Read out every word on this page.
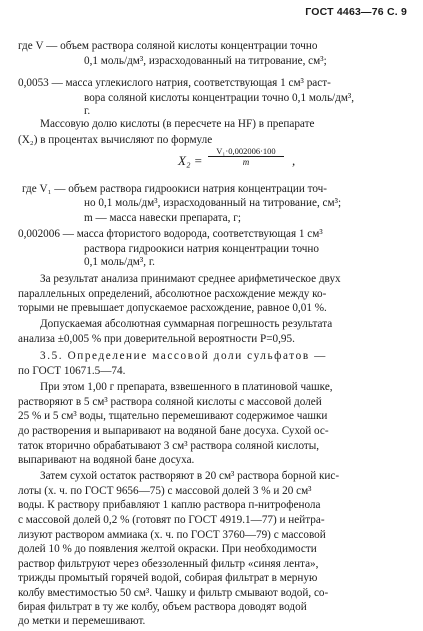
ГОСТ 4463—76 С. 9
где V — объем раствора соляной кислоты концентрации точно
0,1 моль/дм³, израсходованный на титрование, см³;
0,0053 — масса углекислого натрия, соответствующая 1 см³ раст-
вора соляной кислоты концентрации точно 0,1 моль/дм³,
г.
Массовую долю кислоты (в пересчете на HF) в препарате
(X₂) в процентах вычисляют по формуле
$X_2 = \frac{\text{V₁·0,002006·100}}{m}$ ,
где V₁ — объем раствора гидроокиси натрия концентрации точ-
но 0,1 моль/дм³, израсходованный на титрование, см³;
m — масса навески препарата, г;
0,002006 — масса фтористого водорода, соответствующая 1 см³
раствора гидроокиси натрия концентрации точно
0,1 моль/дм³, г.
За результат анализа принимают среднее арифметическое двух
параллельных определений, абсолютное расхождение между ко-
торыми не превышает допускаемое расхождение, равное 0,01 %.
Допускаемая абсолютная суммарная погрешность результата
анализа ±0,005 % при доверительной вероятности P=0,95.
3.5. Определение массовой доли сульфатов —
по ГОСТ 10671.5—74.
При этом 1,00 г препарата, взвешенного в платиновой чашке,
растворяют в 5 см³ раствора соляной кислоты с массовой долей
25 % и 5 см³ воды, тщательно перемешивают содержимое чашки
до растворения и выпаривают на водяной бане досуха. Сухой ос-
таток вторично обрабатывают 3 см³ раствора соляной кислоты,
выпаривают на водяной бане досуха.
Затем сухой остаток растворяют в 20 см³ раствора борной кис-
лоты (х. ч. по ГОСТ 9656—75) с массовой долей 3 % и 20 см³
воды. К раствору прибавляют 1 каплю раствора п-нитрофенола
с массовой долей 0,2 % (готовят по ГОСТ 4919.1—77) и нейтра-
лизуют раствором аммиака (х. ч. по ГОСТ 3760—79) с массовой
долей 10 % до появления желтой окраски. При необходимости
раствор фильтруют через обеззоленный фильтр «синяя лента»,
трижды промытый горячей водой, собирая фильтрат в мерную
колбу вместимостью 50 см³. Чашку и фильтр смывают водой, со-
бирая фильтрат в ту же колбу, объем раствора доводят водой
до метки и перемешивают.
